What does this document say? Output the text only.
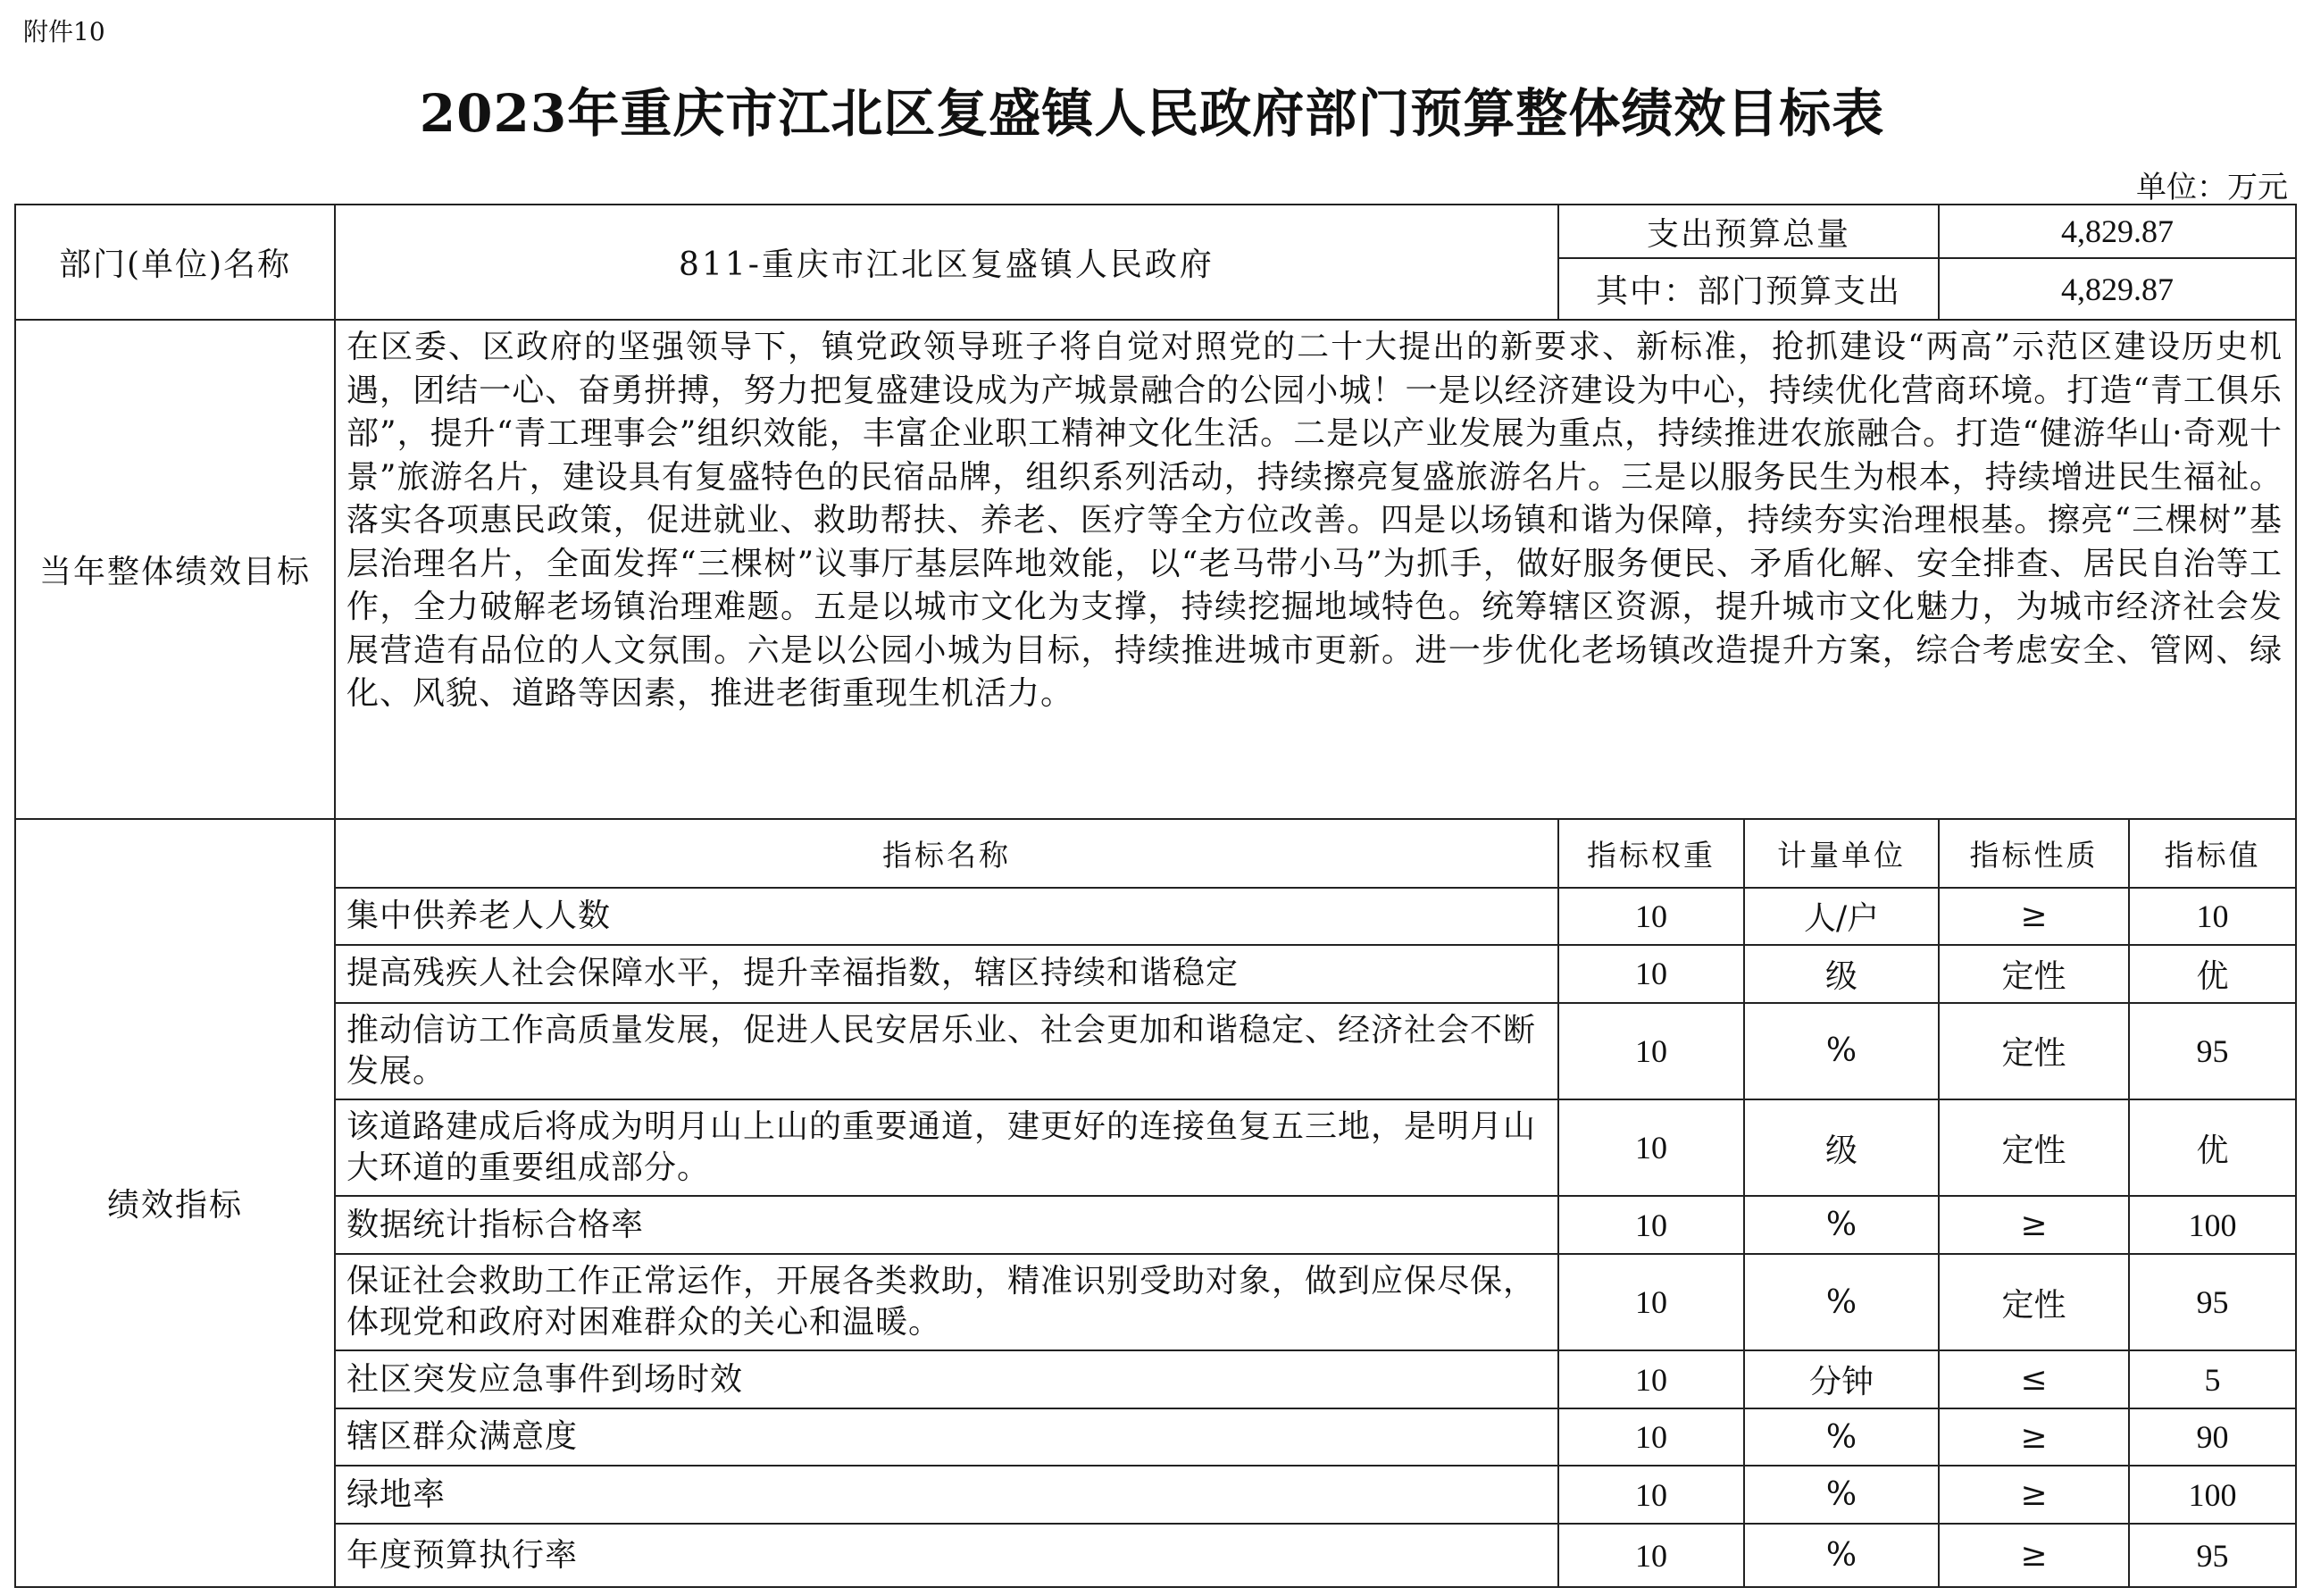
附件10
2023年重庆市江北区复盛镇人民政府部门预算整体绩效目标表
单位：万元
部门(单位)名称	811-重庆市江北区复盛镇人民政府	支出预算总量		4,829.87	
		其中：部门预算支出		4,829.87	
当年整体绩效目标	在区委、区政府的坚强领导下，镇党政领导班子将自觉对照党的二十大提出的新要求、新标准，抢抓建设“两高”示范区建设历史机遇，团结一心、奋勇拼搏，努力把复盛建设成为产城景融合的公园小城！一是以经济建设为中心，持续优化营商环境。打造“青工俱乐部”，提升“青工理事会”组织效能，丰富企业职工精神文化生活。二是以产业发展为重点，持续推进农旅融合。打造“健游华山·奇观十景”旅游名片，建设具有复盛特色的民宿品牌，组织系列活动，持续擦亮复盛旅游名片。三是以服务民生为根本，持续增进民生福祉。落实各项惠民政策，促进就业、救助帮扶、养老、医疗等全方位改善。四是以场镇和谐为保障，持续夯实治理根基。擦亮“三棵树”基层治理名片，全面发挥“三棵树”议事厅基层阵地效能，以“老马带小马”为抓手，做好服务便民、矛盾化解、安全排查、居民自治等工作，全力破解老场镇治理难题。五是以城市文化为支撑，持续挖掘地域特色。统筹辖区资源，提升城市文化魅力，为城市经济社会发展营造有品位的人文氛围。六是以公园小城为目标，持续推进城市更新。进一步优化老场镇改造提升方案，综合考虑安全、管网、绿化、风貌、道路等因素，推进老街重现生机活力。				
绩效指标	指标名称	指标权重	计量单位	指标性质	指标值
	集中供养老人人数	10	人/户	≥	10
	提高残疾人社会保障水平，提升幸福指数，辖区持续和谐稳定	10	级	定性	优
	推动信访工作高质量发展，促进人民安居乐业、社会更加和谐稳定、经济社会不断发展。	10	%	定性	95
	该道路建成后将成为明月山上山的重要通道，建更好的连接鱼复五三地，是明月山大环道的重要组成部分。	10	级	定性	优
	数据统计指标合格率	10	%	≥	100
	保证社会救助工作正常运作，开展各类救助，精准识别受助对象，做到应保尽保，体现党和政府对困难群众的关心和温暖。	10	%	定性	95
	社区突发应急事件到场时效	10	分钟	≤	5
	辖区群众满意度	10	%	≥	90
	绿地率	10	%	≥	100
	年度预算执行率	10	%	≥	95
